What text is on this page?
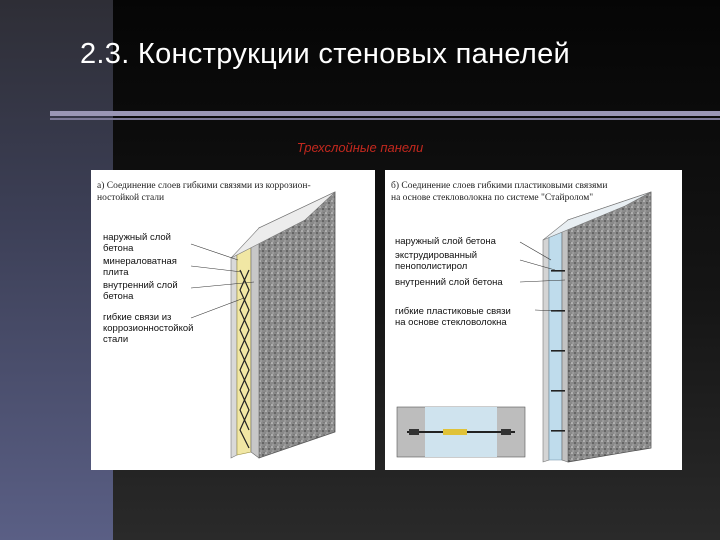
2.3. Конструкции стеновых панелей
Трехслойные панели
а) Соединение слоев гибкими связями из коррозион-
ностойкой стали
наружный слой
бетона
минераловатная
плита
внутренний слой
бетона
гибкие связи из
коррозионностойкой
стали
б) Соединение слоев гибкими пластиковыми связями
на основе стекловолокна по системе "Стайролом"
наружный слой бетона
экструдированный
пенополистирол
внутренний слой бетона
гибкие пластиковые связи
на основе стекловолокна
